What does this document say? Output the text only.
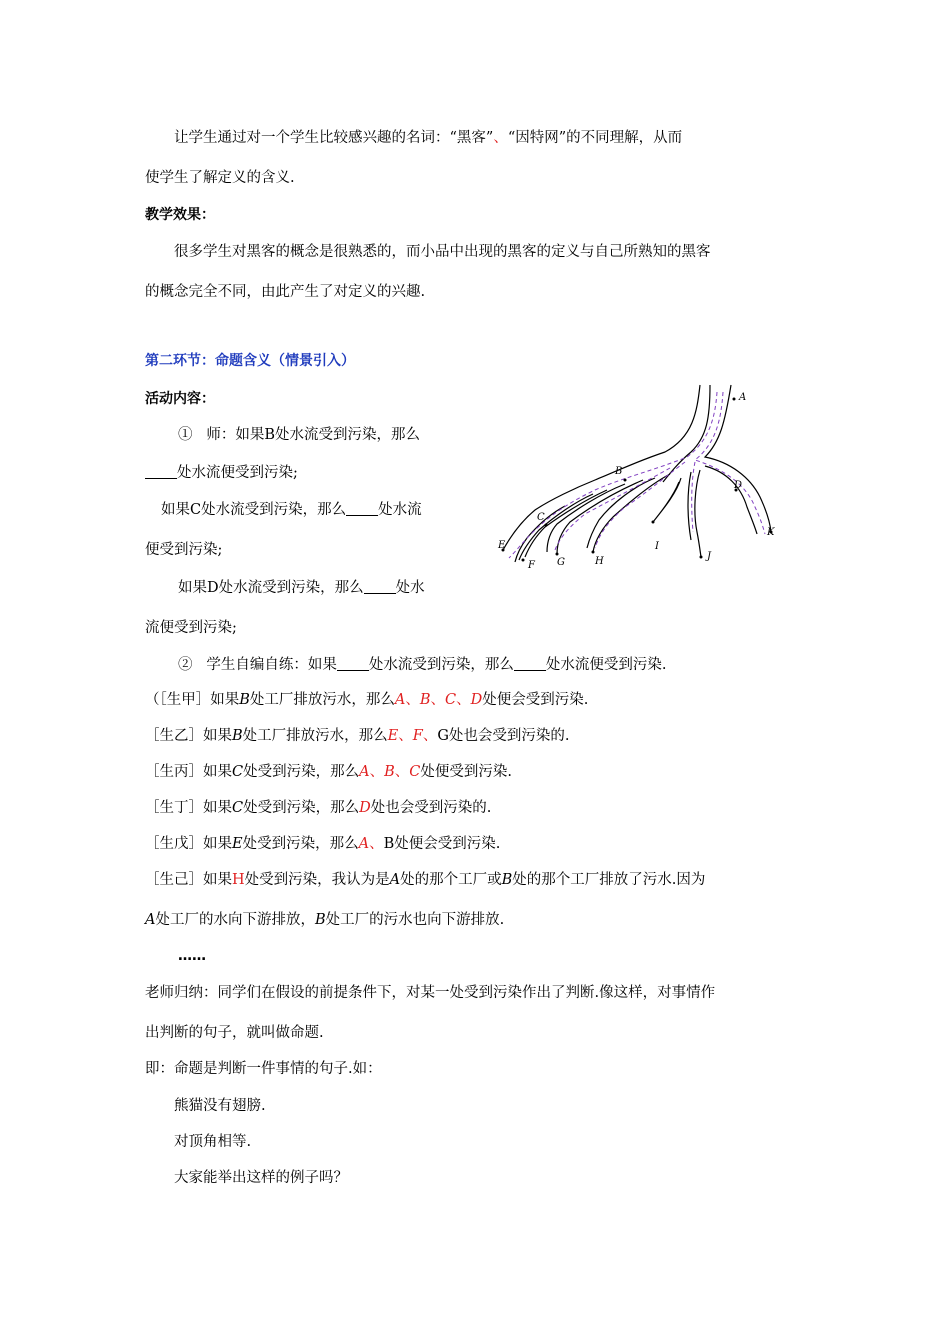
让学生通过对一个学生比较感兴趣的名词：“黑客”、“因特网”的不同理解，从而
使学生了解定义的含义.
教学效果：
很多学生对黑客的概念是很熟悉的，而小品中出现的黑客的定义与自己所熟知的黑客
的概念完全不同，由此产生了对定义的兴趣.
第二环节：命题含义（情景引入）
活动内容：
① 师：如果B处水流受到污染，那么
处水流便受到污染;
如果C处水流受到污染，那么 处水流
便受到污染;
如果D处水流受到污染，那么 处水
流便受到污染;
A
B
C
D
E
F G	H
I
J
K
② 学生自编自练：如果 处水流受到污染，那么 处水流便受到污染.
（［生甲］如果B处工厂排放污水，那么A、B、C、D处便会受到污染.
［生乙］如果B处工厂排放污水，那么E、F、G处也会受到污染的.
［生丙］如果C处受到污染，那么A、B、C处便受到污染.
［生丁］如果C处受到污染，那么D处也会受到污染的.
［生戊］如果E处受到污染，那么A、B处便会受到污染.
［生己］如果H处受到污染，我认为是A处的那个工厂或B处的那个工厂排放了污水.因为
A处工厂的水向下游排放，B处工厂的污水也向下游排放.
……
老师归纳：同学们在假设的前提条件下，对某一处受到污染作出了判断.像这样，对事情作
出判断的句子，就叫做命题.
即：命题是判断一件事情的句子.如：
熊猫没有翅膀.
对顶角相等.
大家能举出这样的例子吗？
